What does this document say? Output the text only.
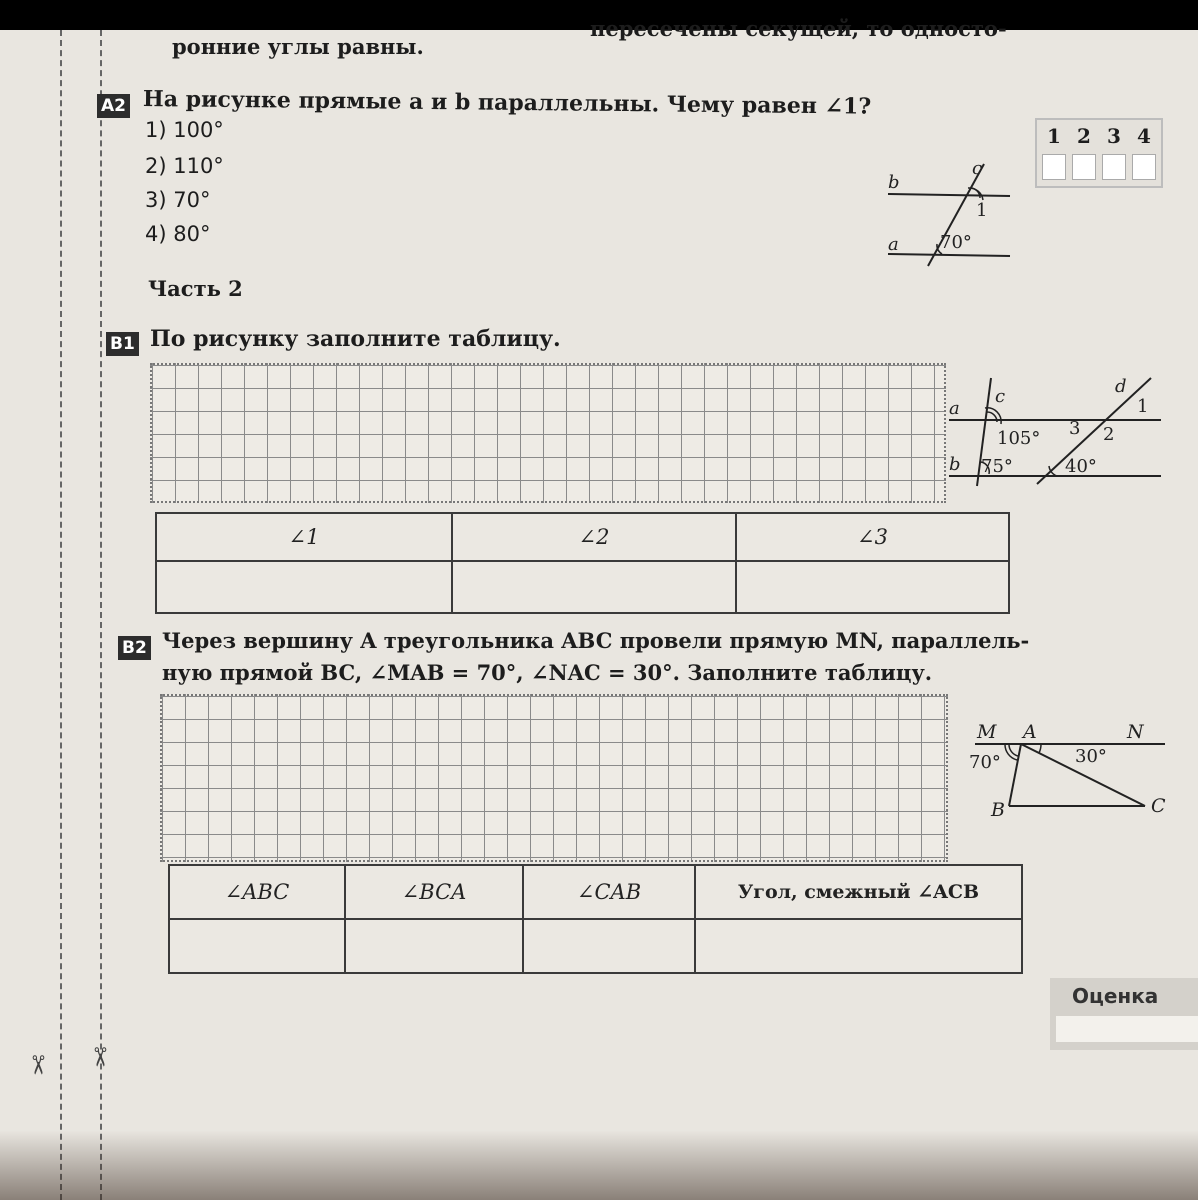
✂ ✂
ронние углы равны.
пересечены секущей, то односто-
A2 На рисунке прямые a и b параллельны. Чему равен ∠1?
1) 100°
2) 110°
3) 70°
4) 80°
1 2 3 4
c
b
a
1
70°
Часть 2
B1 По рисунку заполните таблицу.
c	d
a
b
1
2
3
105°
75°	40°
∠1	∠2	∠3

B2 Через вершину A треугольника ABC провели прямую MN, параллель-
ную прямой BC, ∠MAB = 70°, ∠NAC = 30°. Заполните таблицу.
M A	N
B	C
70°	30°
∠ABC	∠BCA	∠CAB	Угол, смежный ∠ACB

Оценка
